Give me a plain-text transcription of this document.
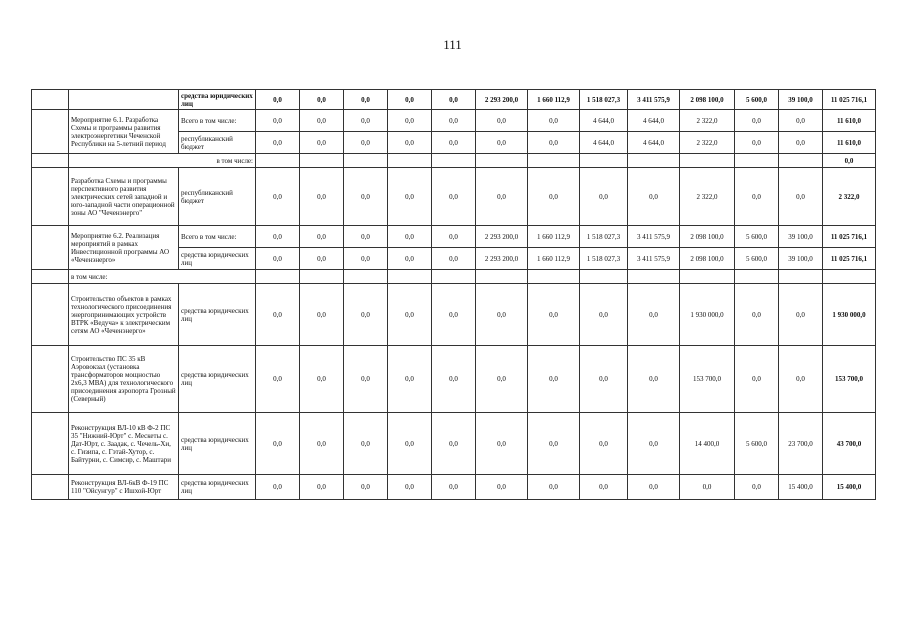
111
		средства юридических лиц	0,0	0,0	0,0	0,0	0,0	2 293 200,0	1 660 112,9	1 518 027,3	3 411 575,9	2 098 100,0	5 600,0	39 100,0	11 025 716,1
	Мероприятие 6.1. Разработка Схемы и программы развития электроэнергетики Чеченской Республики на 5-летний период	Всего в том числе:	0,0	0,0	0,0	0,0	0,0	0,0	0,0	4 644,0	4 644,0	2 322,0	0,0	0,0	11 610,0
		республиканский бюджет	0,0	0,0	0,0	0,0	0,0	0,0	0,0	4 644,0	4 644,0	2 322,0	0,0	0,0	11 610,0
	в том числе:														0,0
	Разработка Схемы и программы перспективного развития электрических сетей западной и юго-западной части операционной зоны АО "Чеченэнерго"	республиканский бюджет	0,0	0,0	0,0	0,0	0,0	0,0	0,0	0,0	0,0	2 322,0	0,0	0,0	2 322,0
	Мероприятие 6.2. Реализация мероприятий в рамках Инвестиционной программы АО «Чеченэнерго»	Всего в том числе:	0,0	0,0	0,0	0,0	0,0	2 293 200,0	1 660 112,9	1 518 027,3	3 411 575,9	2 098 100,0	5 600,0	39 100,0	11 025 716,1
		средства юридических лиц	0,0	0,0	0,0	0,0	0,0	2 293 200,0	1 660 112,9	1 518 027,3	3 411 575,9	2 098 100,0	5 600,0	39 100,0	11 025 716,1
	в том числе:														
	Строительство объектов в рамках технологического присоединения энергопринимающих устройств ВТРК «Ведуча» к электрическим сетям АО «Чеченэнерго»	средства юридических лиц	0,0	0,0	0,0	0,0	0,0	0,0	0,0	0,0	0,0	1 930 000,0	0,0	0,0	1 930 000,0
	Строительство ПС 35 кВ Аэровокзал (установка трансформаторов мощностью 2х6,3 МВА) для технологического присоединения аэропорта Грозный (Северный)	средства юридических лиц	0,0	0,0	0,0	0,0	0,0	0,0	0,0	0,0	0,0	153 700,0	0,0	0,0	153 700,0
	Реконструкция ВЛ-10 кВ Ф-2 ПС 35 "Нижний-Юрт" с. Мескеты с. Дат-Юрт, с. Заадак, с. Чечель-Хи, с. Гизипа, с. Гэтай-Хутор, с. Байтурни, с. Симсир, с. Маштари	средства юридических лиц	0,0	0,0	0,0	0,0	0,0	0,0	0,0	0,0	0,0	14 400,0	5 600,0	23 700,0	43 700,0
	Реконструкция ВЛ-6кВ Ф-19 ПС 110 "Ойсунгур" с Ишхой-Юрт	средства юридических лиц	0,0	0,0	0,0	0,0	0,0	0,0	0,0	0,0	0,0	0,0	0,0	15 400,0	15 400,0
